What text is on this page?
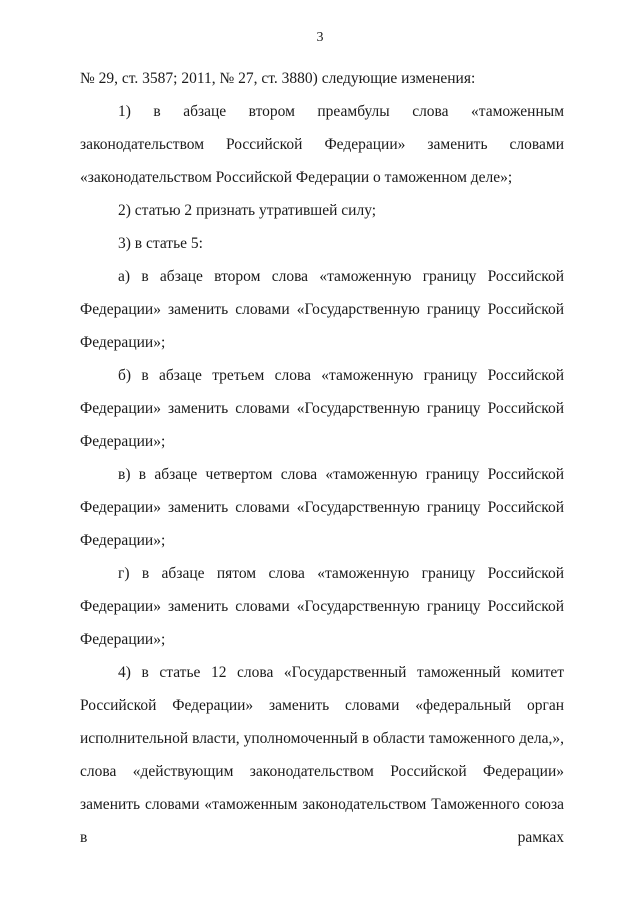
3

№ 29, ст. 3587; 2011, № 27, ст. 3880) следующие изменения:

1) в абзаце втором преамбулы слова «таможенным законодательством Российской Федерации» заменить словами «законодательством Российской Федерации о таможенном деле»;

2) статью 2 признать утратившей силу;

3) в статье 5:

а) в абзаце втором слова «таможенную границу Российской Федерации» заменить словами «Государственную границу Российской Федерации»;

б) в абзаце третьем слова «таможенную границу Российской Федерации» заменить словами «Государственную границу Российской Федерации»;

в) в абзаце четвертом слова «таможенную границу Российской Федерации» заменить словами «Государственную границу Российской Федерации»;

г) в абзаце пятом слова «таможенную границу Российской Федерации» заменить словами «Государственную границу Российской Федерации»;

4) в статье 12 слова «Государственный таможенный комитет Российской Федерации» заменить словами «федеральный орган исполнительной власти, уполномоченный в области таможенного дела,», слова «действующим законодательством Российской Федерации» заменить словами «таможенным законодательством Таможенного союза в рамках
